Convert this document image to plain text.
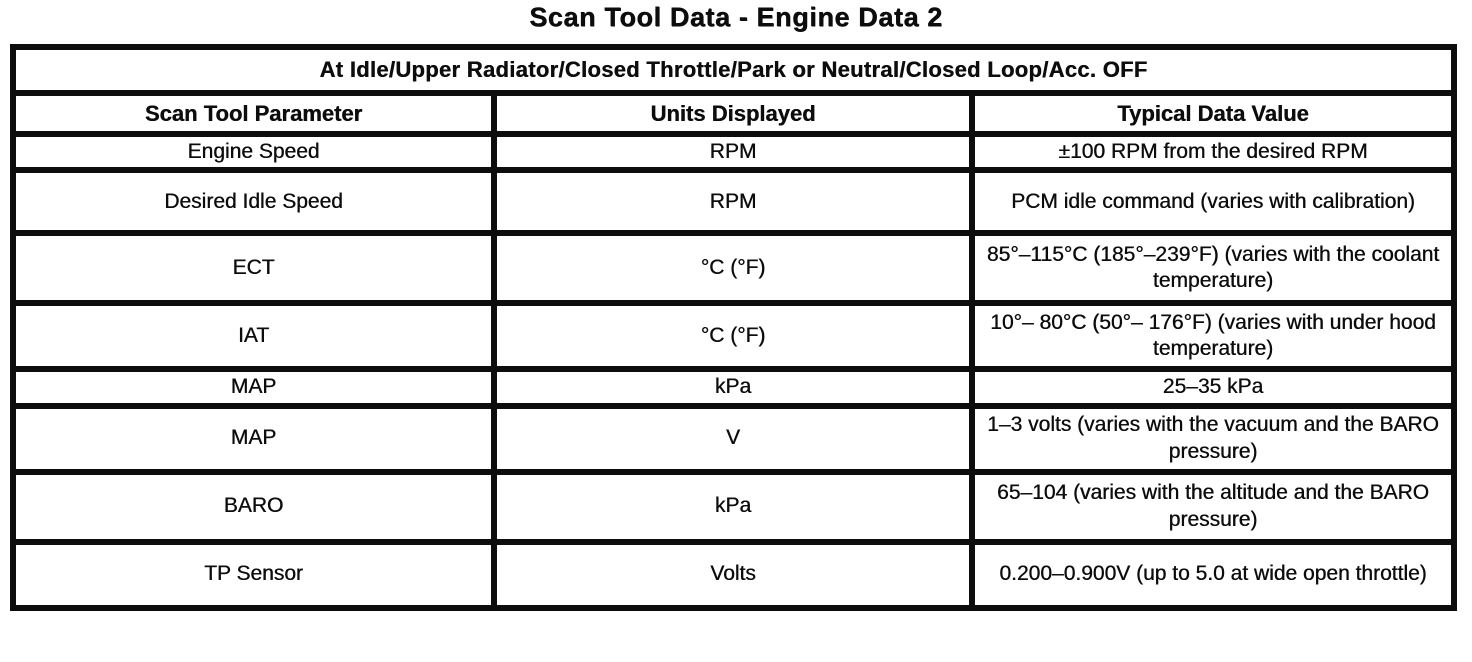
Scan Tool Data - Engine Data 2
At Idle/Upper Radiator/Closed Throttle/Park or Neutral/Closed Loop/Acc. OFF		
Scan Tool Parameter	Units Displayed	Typical Data Value
Engine Speed	RPM	±100 RPM from the desired RPM
Desired Idle Speed	RPM	PCM idle command (varies with calibration)
ECT	°C (°F)	85°–115°C (185°–239°F) (varies with the coolant temperature)
IAT	°C (°F)	10°– 80°C (50°– 176°F) (varies with under hood temperature)
MAP	kPa	25–35 kPa
MAP	V	1–3 volts (varies with the vacuum and the BARO pressure)
BARO	kPa	65–104 (varies with the altitude and the BARO pressure)
TP Sensor	Volts	0.200–0.900V (up to 5.0 at wide open throttle)
